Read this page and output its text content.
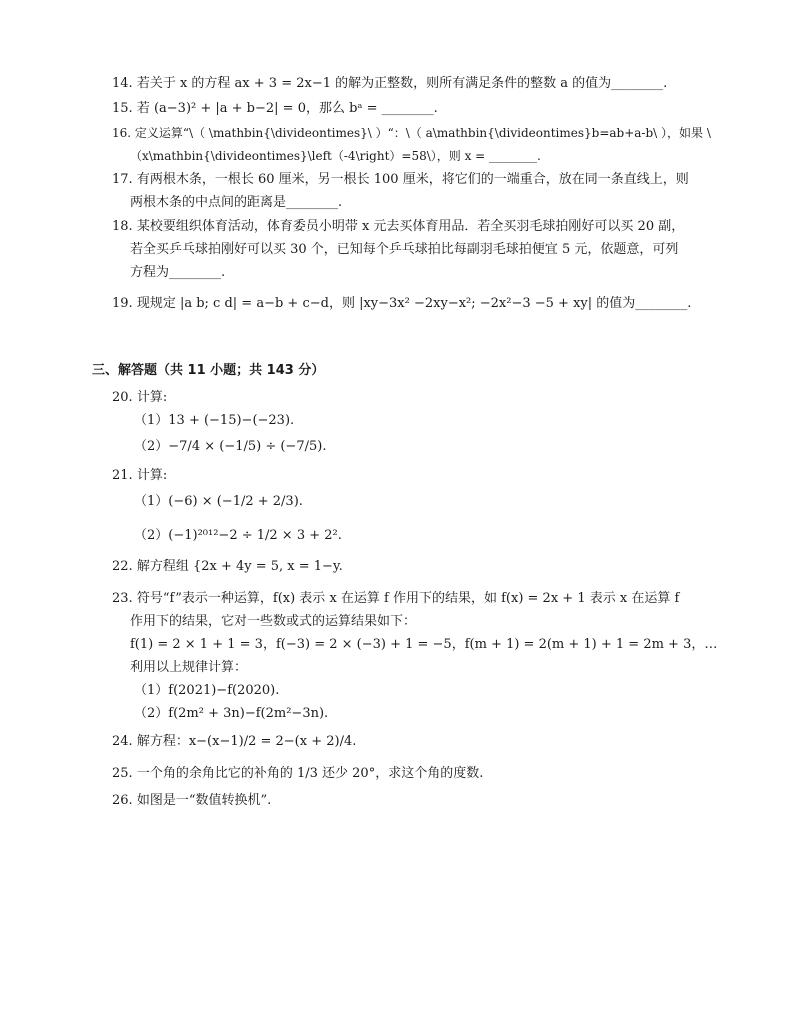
14. 若关于 x 的方程 ax + 3 = 2x−1 的解为正整数，则所有满足条件的整数 a 的值为________.
15. 若 (a−3)² + |a + b−2| = 0，那么 bᵃ = ________.
16. 定义运算“\（ \mathbin{\divideontimes}\ ）“：\（ a\mathbin{\divideontimes}b=ab+a-b\ ），如果 \
（x\mathbin{\divideontimes}\left（-4\right）=58\），则 x = ________.
17. 有两根木条，一根长 60 厘米，另一根长 100 厘米，将它们的一端重合，放在同一条直线上，则
两根木条的中点间的距离是________.
18. 某校要组织体育活动，体育委员小明带 x 元去买体育用品．若全买羽毛球拍刚好可以买 20 副，
若全买乒乓球拍刚好可以买 30 个，已知每个乒乓球拍比每副羽毛球拍便宜 5 元，依题意，可列
方程为________.
19. 现规定 |a b; c d| = a−b + c−d，则 |xy−3x² −2xy−x²; −2x²−3 −5 + xy| 的值为________.
三、解答题（共 11 小题；共 143 分）
20. 计算:
（1）13 + (−15)−(−23).
（2）−7/4 × (−1/5) ÷ (−7/5).
21. 计算:
（1）(−6) × (−1/2 + 2/3).
（2）(−1)²⁰¹²−2 ÷ 1/2 × 3 + 2².
22. 解方程组 {2x + 4y = 5, x = 1−y.
23. 符号“f”表示一种运算，f(x) 表示 x 在运算 f 作用下的结果，如 f(x) = 2x + 1 表示 x 在运算 f
作用下的结果，它对一些数或式的运算结果如下：
f(1) = 2 × 1 + 1 = 3，f(−3) = 2 × (−3) + 1 = −5，f(m + 1) = 2(m + 1) + 1 = 2m + 3，…
利用以上规律计算：
（1）f(2021)−f(2020).
（2）f(2m² + 3n)−f(2m²−3n).
24. 解方程：x−(x−1)/2 = 2−(x + 2)/4.
25. 一个角的余角比它的补角的 1/3 还少 20°，求这个角的度数.
26. 如图是一“数值转换机”.
